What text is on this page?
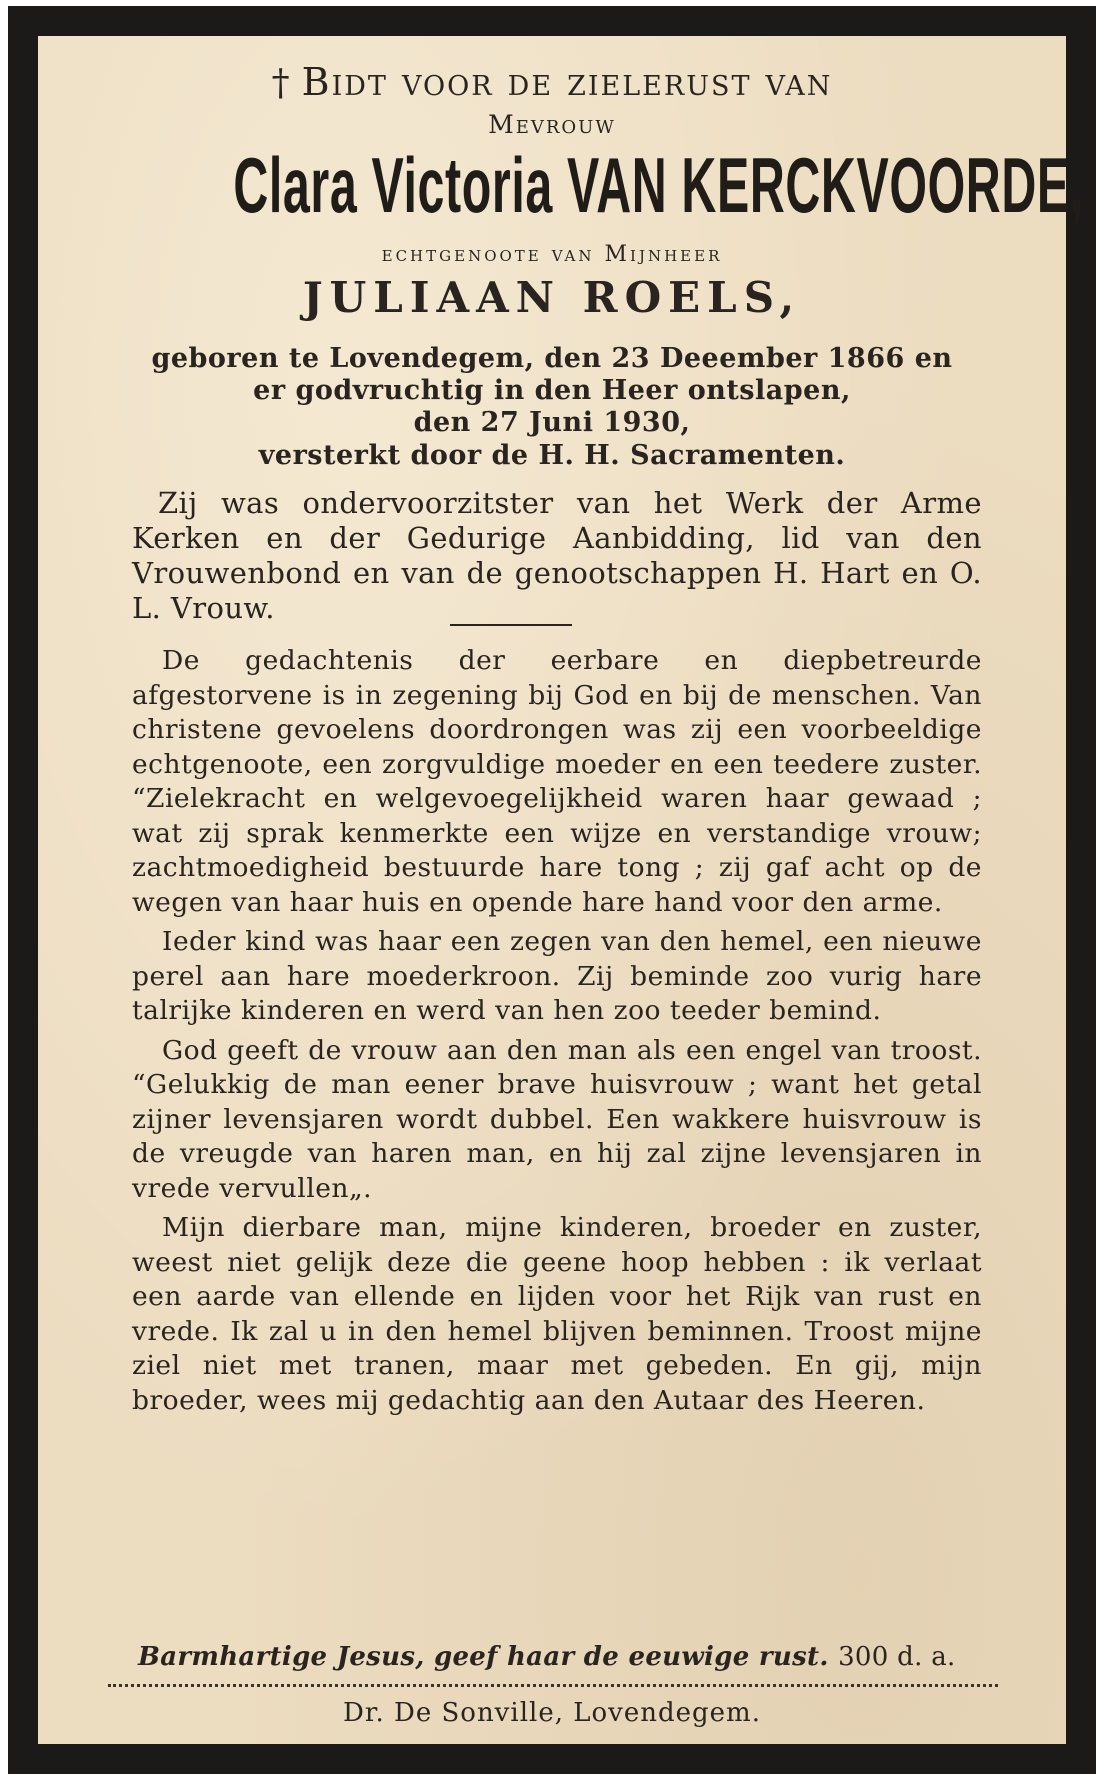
† Bidt voor de zielerust van
Mevrouw
Clara Victoria VAN KERCKVOORDE,
echtgenoote van Mijnheer
JULIAAN ROELS,
geboren te Lovendegem, den 23 Deeember 1866 en
er godvruchtig in den Heer ontslapen,
den 27 Juni 1930,
versterkt door de H. H. Sacramenten.
Zij was ondervoorzitster van het Werk der Arme Kerken en der Gedurige Aanbidding, lid van den Vrouwenbond en van de genootschappen H. Hart en O. L. Vrouw.

De gedachtenis der eerbare en diepbetreurde afgestorvene is in zegening bij God en bij de menschen. Van christene gevoelens doordrongen was zij een voorbeeldige echtgenoote, een zorgvuldige moeder en een teedere zuster. “Zielekracht en welgevoegelijkheid waren haar gewaad ; wat zij sprak kenmerkte een wijze en verstandige vrouw; zachtmoedigheid bestuurde hare tong ; zij gaf acht op de wegen van haar huis en opende hare hand voor den arme.

Ieder kind was haar een zegen van den hemel, een nieuwe perel aan hare moederkroon. Zij beminde zoo vurig hare talrijke kinderen en werd van hen zoo teeder bemind.

God geeft de vrouw aan den man als een engel van troost. “Gelukkig de man eener brave huisvrouw ; want het getal zijner levensjaren wordt dubbel. Een wakkere huisvrouw is de vreugde van haren man, en hij zal zijne levensjaren in vrede vervullen„.

Mijn dierbare man, mijne kinderen, broeder en zuster, weest niet gelijk deze die geene hoop hebben : ik verlaat een aarde van ellende en lijden voor het Rijk van rust en vrede. Ik zal u in den hemel blijven beminnen. Troost mijne ziel niet met tranen, maar met gebeden. En gij, mijn broeder, wees mij gedachtig aan den Autaar des Heeren.

Barmhartige Jesus, geef haar de eeuwige rust. 300 d. a.
Dr. De Sonville, Lovendegem.
